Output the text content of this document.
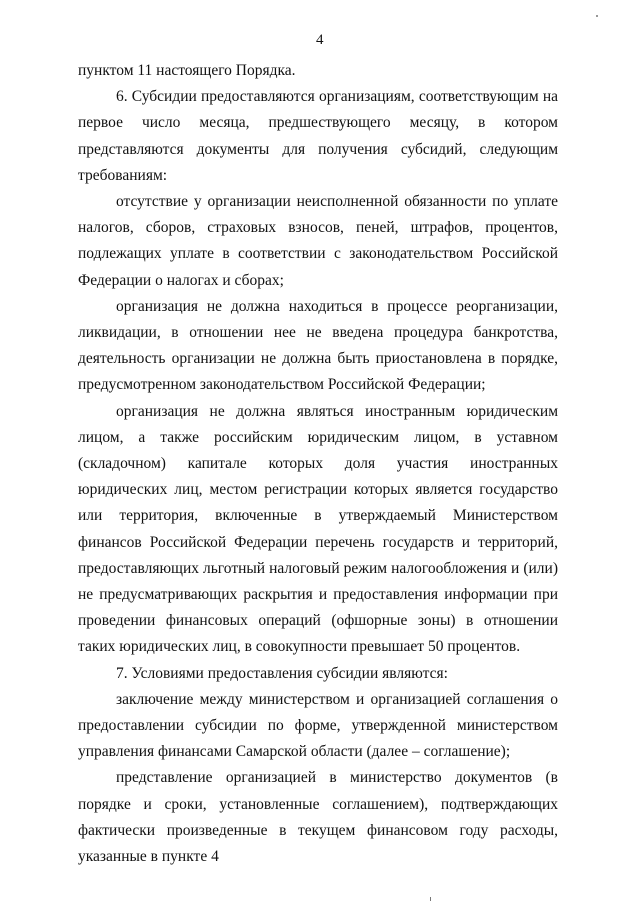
4

пунктом 11 настоящего Порядка.

6. Субсидии предоставляются организациям, соответствующим на первое число месяца, предшествующего месяцу, в котором представляются документы для получения субсидий, следующим требованиям:

отсутствие у организации неисполненной обязанности по уплате налогов, сборов, страховых взносов, пеней, штрафов, процентов, подлежащих уплате в соответствии с законодательством Российской Федерации о налогах и сборах;

организация не должна находиться в процессе реорганизации, ликвидации, в отношении нее не введена процедура банкротства, деятельность организации не должна быть приостановлена в порядке, предусмотренном законодательством Российской Федерации;

организация не должна являться иностранным юридическим лицом, а также российским юридическим лицом, в уставном (складочном) капитале которых доля участия иностранных юридических лиц, местом регистрации которых является государство или территория, включенные в утверждаемый Министерством финансов Российской Федерации перечень государств и территорий, предоставляющих льготный налоговый режим налогообложения и (или) не предусматривающих раскрытия и предоставления информации при проведении финансовых операций (офшорные зоны) в отношении таких юридических лиц, в совокупности превышает 50 процентов.

7. Условиями предоставления субсидии являются:

заключение между министерством и организацией соглашения о предоставлении субсидии по форме, утвержденной министерством управления финансами Самарской области (далее – соглашение);

представление организацией в министерство документов (в порядке и сроки, установленные соглашением), подтверждающих фактически произведенные в текущем финансовом году расходы, указанные в пункте 4
